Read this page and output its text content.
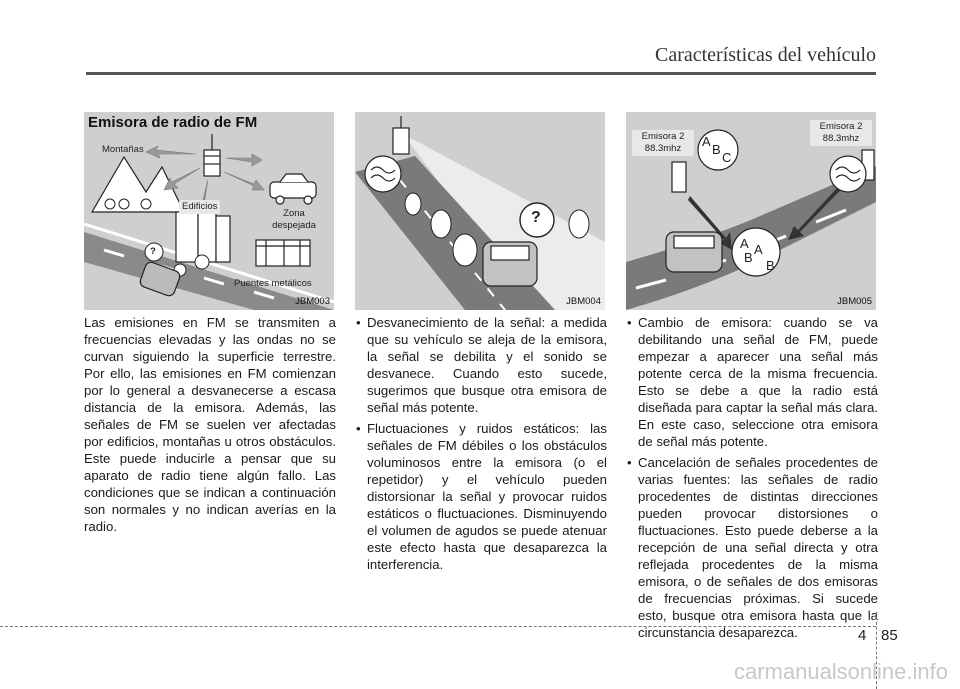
Características del vehículo
Emisora de radio de FM
Montañas
Edificios
Zona
despejada
Puentes metálicos
?
JBM003
?
JBM004
Emisora 2
88.3mhz
Emisora 2
88.3mhz
A
B
C
A
B
A
B
JBM005

Las emisiones en FM se transmiten a frecuencias elevadas y las ondas no se curvan siguiendo la superficie terrestre. Por ello, las emisiones en FM comienzan por lo general a desvanecerse a escasa distancia de la emisora. Además, las señales de FM se suelen ver afectadas por edificios, montañas u otros obstáculos. Este puede inducirle a pensar que su aparato de radio tiene algún fallo. Las condiciones que se indican a continuación son normales y no indican averías en la radio.

• Desvanecimiento de la señal: a medida que su vehículo se aleja de la emisora, la señal se debilita y el sonido se desvanece. Cuando esto sucede, sugerimos que busque otra emisora de señal más potente.
• Fluctuaciones y ruidos estáticos: las señales de FM débiles o los obstáculos voluminosos entre la emisora (o el repetidor) y el vehículo pueden distorsionar la señal y provocar ruidos estáticos o fluctuaciones. Disminuyendo el volumen de agudos se puede atenuar este efecto hasta que desaparezca la interferencia.
• Cambio de emisora: cuando se va debilitando una señal de FM, puede empezar a aparecer una señal más potente cerca de la misma frecuencia. Esto se debe a que la radio está diseñada para captar la señal más clara. En este caso, seleccione otra emisora de señal más potente.
• Cancelación de señales procedentes de varias fuentes: las señales de radio procedentes de distintas direcciones pueden provocar distorsiones o fluctuaciones. Esto puede deberse a la recepción de una señal directa y otra reflejada procedentes de la misma emisora, o de señales de dos emisoras de frecuencias próximas. Si sucede esto, busque otra emisora hasta que la circunstancia desaparezca.	4 85
carmanualsonline.info
